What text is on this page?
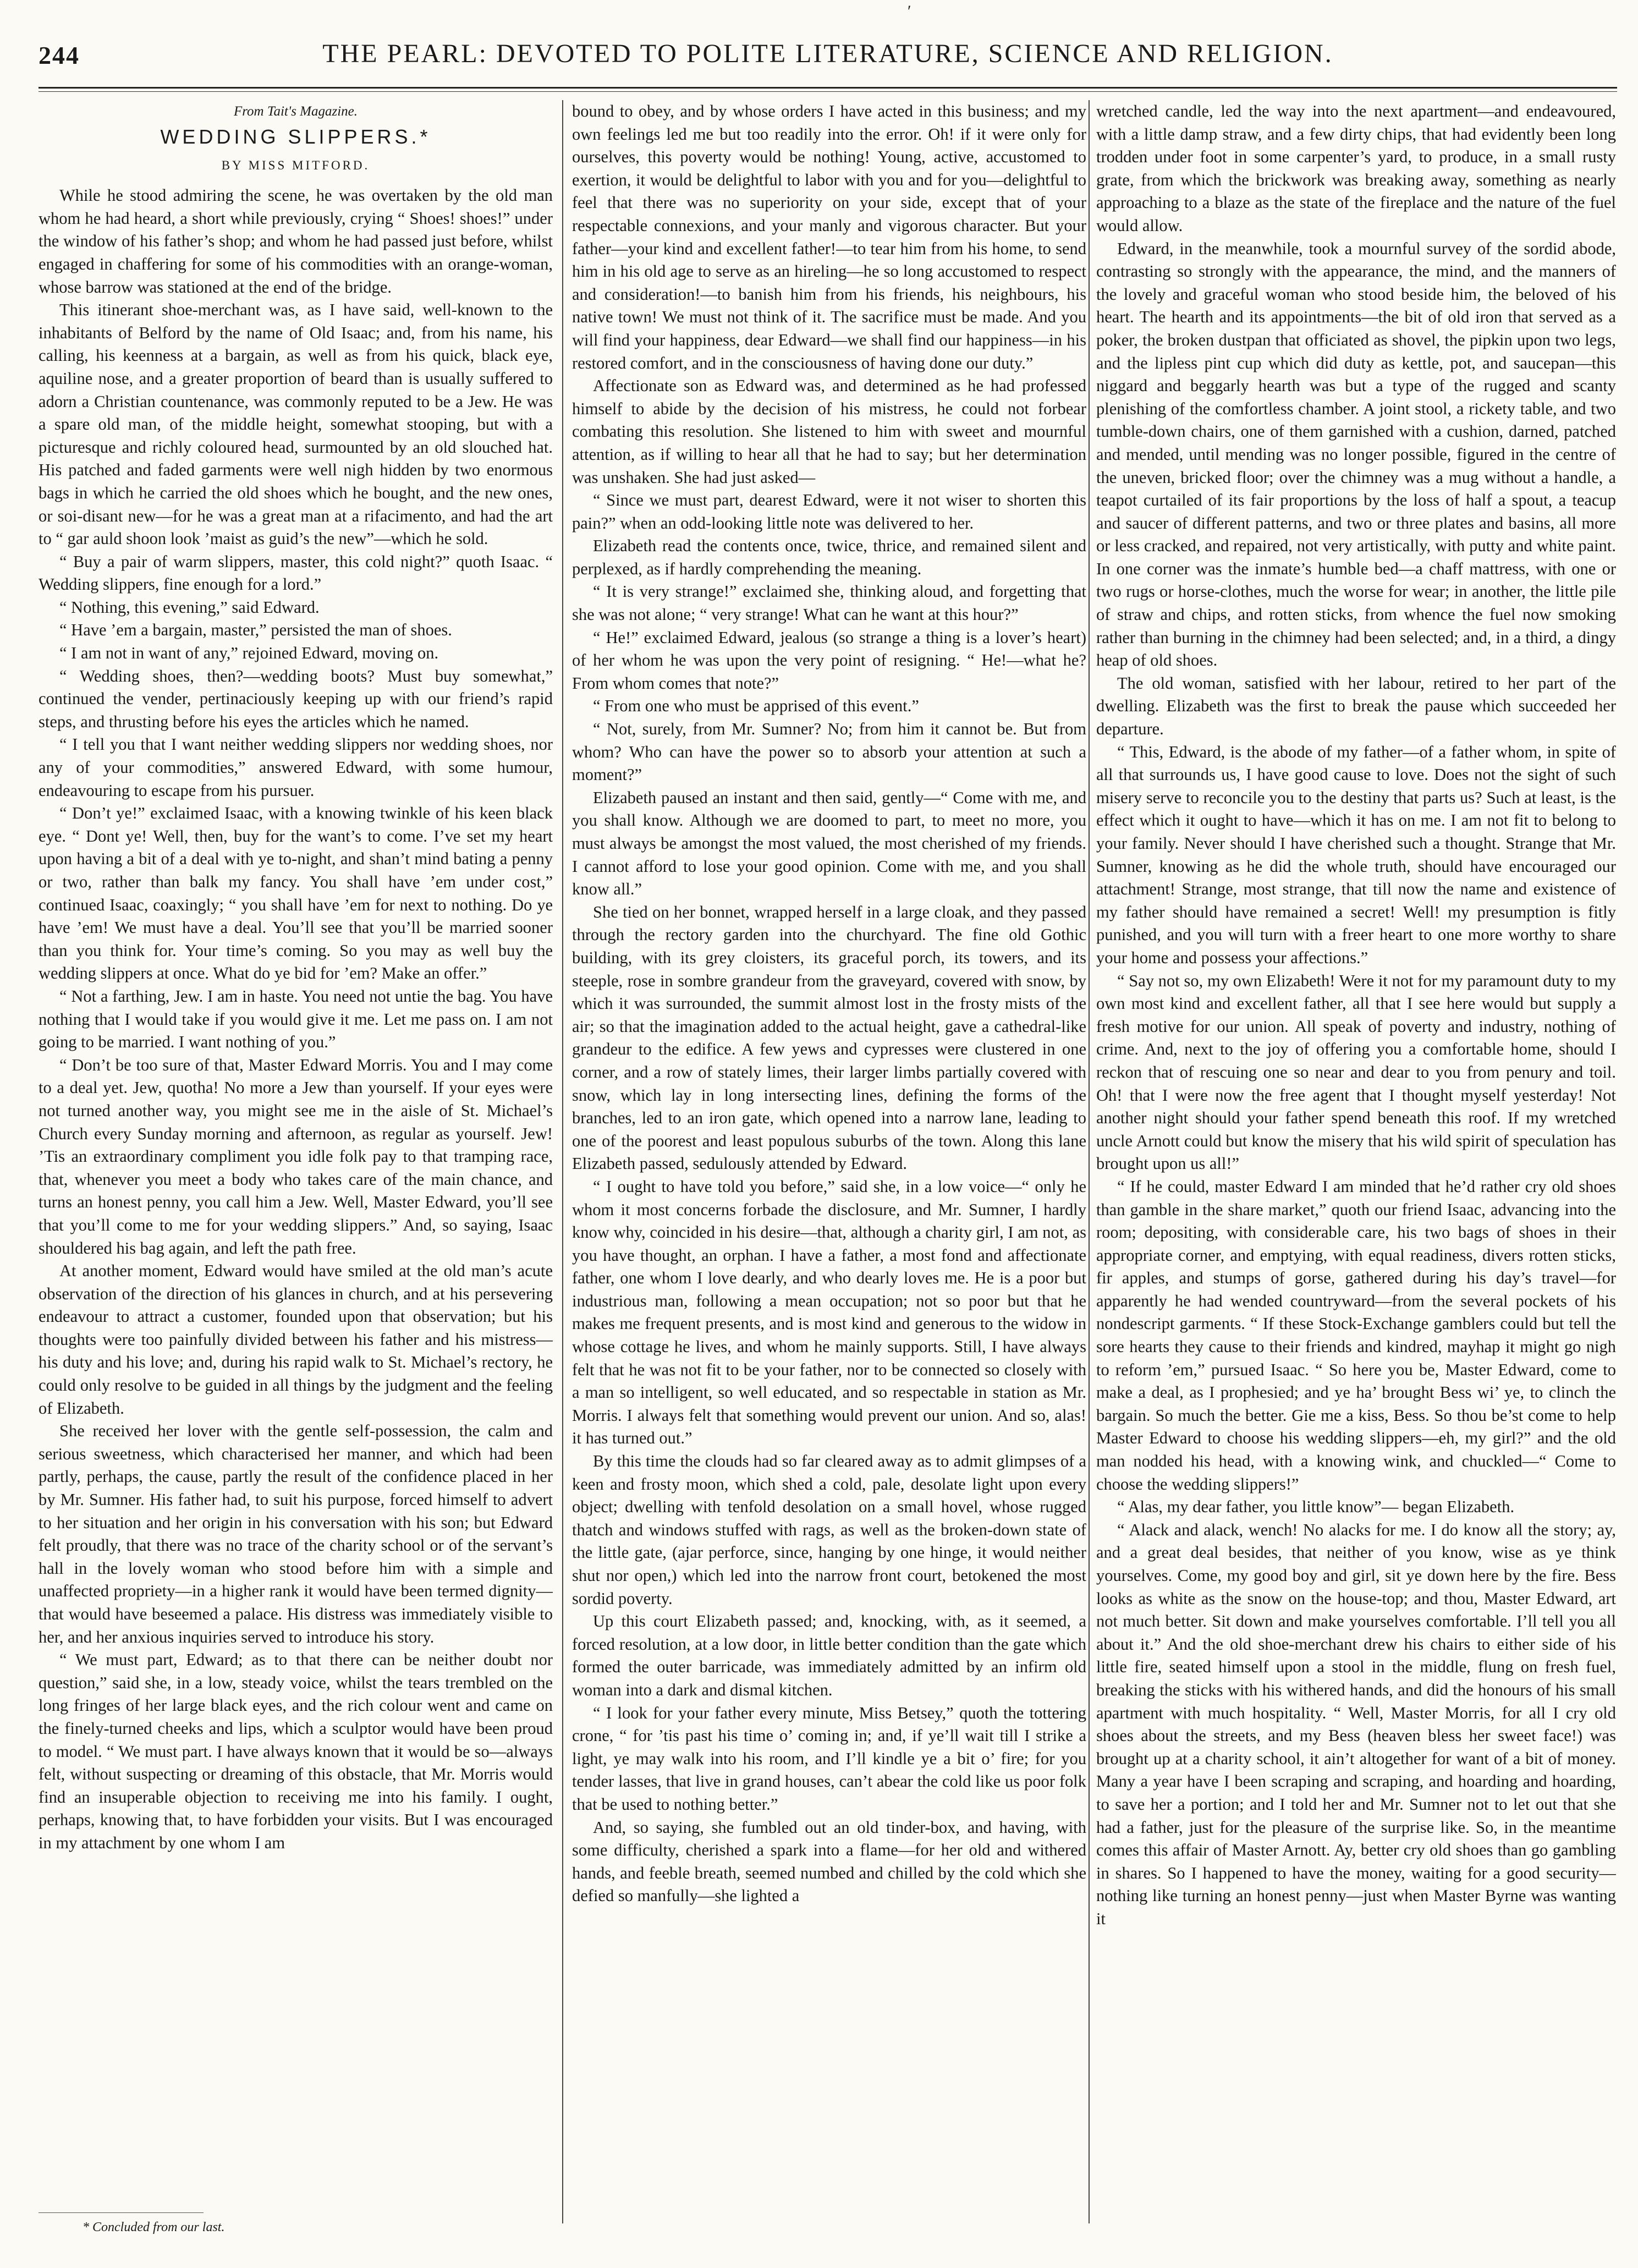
′
244	THE PEARL: DEVOTED TO POLITE LITERATURE, SCIENCE AND RELIGION.
From Tait's Magazine.
WEDDING SLIPPERS.*
BY MISS MITFORD.

While he stood admiring the scene, he was overtaken by the old man whom he had heard, a short while previously, crying “ Shoes! shoes!” under the window of his father’s shop; and whom he had passed just before, whilst engaged in chaffering for some of his commodities with an orange-woman, whose barrow was stationed at the end of the bridge.

This itinerant shoe-merchant was, as I have said, well-known to the inhabitants of Belford by the name of Old Isaac; and, from his name, his calling, his keenness at a bargain, as well as from his quick, black eye, aquiline nose, and a greater proportion of beard than is usually suffered to adorn a Christian countenance, was commonly reputed to be a Jew. He was a spare old man, of the middle height, somewhat stooping, but with a picturesque and richly coloured head, surmounted by an old slouched hat. His patched and faded garments were well nigh hidden by two enormous bags in which he carried the old shoes which he bought, and the new ones, or soi-disant new—for he was a great man at a rifacimento, and had the art to “ gar auld shoon look ’maist as guid’s the new”—which he sold.

“ Buy a pair of warm slippers, master, this cold night?” quoth Isaac. “ Wedding slippers, fine enough for a lord.”

“ Nothing, this evening,” said Edward.

“ Have ’em a bargain, master,” persisted the man of shoes.

“ I am not in want of any,” rejoined Edward, moving on.

“ Wedding shoes, then?—wedding boots? Must buy somewhat,” continued the vender, pertinaciously keeping up with our friend’s rapid steps, and thrusting before his eyes the articles which he named.

“ I tell you that I want neither wedding slippers nor wedding shoes, nor any of your commodities,” answered Edward, with some humour, endeavouring to escape from his pursuer.

“ Don’t ye!” exclaimed Isaac, with a knowing twinkle of his keen black eye. “ Dont ye! Well, then, buy for the want’s to come. I’ve set my heart upon having a bit of a deal with ye to-night, and shan’t mind bating a penny or two, rather than balk my fancy. You shall have ’em under cost,” continued Isaac, coaxingly; “ you shall have ’em for next to nothing. Do ye have ’em! We must have a deal. You’ll see that you’ll be married sooner than you think for. Your time’s coming. So you may as well buy the wedding slippers at once. What do ye bid for ’em? Make an offer.”

“ Not a farthing, Jew. I am in haste. You need not untie the bag. You have nothing that I would take if you would give it me. Let me pass on. I am not going to be married. I want nothing of you.”

“ Don’t be too sure of that, Master Edward Morris. You and I may come to a deal yet. Jew, quotha! No more a Jew than yourself. If your eyes were not turned another way, you might see me in the aisle of St. Michael’s Church every Sunday morning and afternoon, as regular as yourself. Jew! ’Tis an extraordinary compliment you idle folk pay to that tramping race, that, whenever you meet a body who takes care of the main chance, and turns an honest penny, you call him a Jew. Well, Master Edward, you’ll see that you’ll come to me for your wedding slippers.” And, so saying, Isaac shouldered his bag again, and left the path free.

At another moment, Edward would have smiled at the old man’s acute observation of the direction of his glances in church, and at his persevering endeavour to attract a customer, founded upon that observation; but his thoughts were too painfully divided between his father and his mistress—his duty and his love; and, during his rapid walk to St. Michael’s rectory, he could only resolve to be guided in all things by the judgment and the feeling of Elizabeth.

She received her lover with the gentle self-possession, the calm and serious sweetness, which characterised her manner, and which had been partly, perhaps, the cause, partly the result of the confidence placed in her by Mr. Sumner. His father had, to suit his purpose, forced himself to advert to her situation and her origin in his conversation with his son; but Edward felt proudly, that there was no trace of the charity school or of the servant’s hall in the lovely woman who stood before him with a simple and unaffected propriety—in a higher rank it would have been termed dignity—that would have beseemed a palace. His distress was immediately visible to her, and her anxious inquiries served to introduce his story.

“ We must part, Edward; as to that there can be neither doubt nor question,” said she, in a low, steady voice, whilst the tears trembled on the long fringes of her large black eyes, and the rich colour went and came on the finely-turned cheeks and lips, which a sculptor would have been proud to model. “ We must part. I have always known that it would be so—always felt, without suspecting or dreaming of this obstacle, that Mr. Morris would find an insuperable objection to receiving me into his family. I ought, perhaps, knowing that, to have forbidden your visits. But I was encouraged in my attachment by one whom I am

bound to obey, and by whose orders I have acted in this business; and my own feelings led me but too readily into the error. Oh! if it were only for ourselves, this poverty would be nothing! Young, active, accustomed to exertion, it would be delightful to labor with you and for you—delightful to feel that there was no superiority on your side, except that of your respectable connexions, and your manly and vigorous character. But your father—your kind and excellent father!—to tear him from his home, to send him in his old age to serve as an hireling—he so long accustomed to respect and consideration!—to banish him from his friends, his neighbours, his native town! We must not think of it. The sacrifice must be made. And you will find your happiness, dear Edward—we shall find our happiness—in his restored comfort, and in the consciousness of having done our duty.”

Affectionate son as Edward was, and determined as he had professed himself to abide by the decision of his mistress, he could not forbear combating this resolution. She listened to him with sweet and mournful attention, as if willing to hear all that he had to say; but her determination was unshaken. She had just asked—

“ Since we must part, dearest Edward, were it not wiser to shorten this pain?” when an odd-looking little note was delivered to her.

Elizabeth read the contents once, twice, thrice, and remained silent and perplexed, as if hardly comprehending the meaning.

“ It is very strange!” exclaimed she, thinking aloud, and forgetting that she was not alone; “ very strange! What can he want at this hour?”

“ He!” exclaimed Edward, jealous (so strange a thing is a lover’s heart) of her whom he was upon the very point of resigning. “ He!—what he? From whom comes that note?”

“ From one who must be apprised of this event.”

“ Not, surely, from Mr. Sumner? No; from him it cannot be. But from whom? Who can have the power so to absorb your attention at such a moment?”

Elizabeth paused an instant and then said, gently—“ Come with me, and you shall know. Although we are doomed to part, to meet no more, you must always be amongst the most valued, the most cherished of my friends. I cannot afford to lose your good opinion. Come with me, and you shall know all.”

She tied on her bonnet, wrapped herself in a large cloak, and they passed through the rectory garden into the churchyard. The fine old Gothic building, with its grey cloisters, its graceful porch, its towers, and its steeple, rose in sombre grandeur from the graveyard, covered with snow, by which it was surrounded, the summit almost lost in the frosty mists of the air; so that the imagination added to the actual height, gave a cathedral-like grandeur to the edifice. A few yews and cypresses were clustered in one corner, and a row of stately limes, their larger limbs partially covered with snow, which lay in long intersecting lines, defining the forms of the branches, led to an iron gate, which opened into a narrow lane, leading to one of the poorest and least populous suburbs of the town. Along this lane Elizabeth passed, sedulously attended by Edward.

“ I ought to have told you before,” said she, in a low voice—“ only he whom it most concerns forbade the disclosure, and Mr. Sumner, I hardly know why, coincided in his desire—that, although a charity girl, I am not, as you have thought, an orphan. I have a father, a most fond and affectionate father, one whom I love dearly, and who dearly loves me. He is a poor but industrious man, following a mean occupation; not so poor but that he makes me frequent presents, and is most kind and generous to the widow in whose cottage he lives, and whom he mainly supports. Still, I have always felt that he was not fit to be your father, nor to be connected so closely with a man so intelligent, so well educated, and so respectable in station as Mr. Morris. I always felt that something would prevent our union. And so, alas! it has turned out.”

By this time the clouds had so far cleared away as to admit glimpses of a keen and frosty moon, which shed a cold, pale, desolate light upon every object; dwelling with tenfold desolation on a small hovel, whose rugged thatch and windows stuffed with rags, as well as the broken-down state of the little gate, (ajar perforce, since, hanging by one hinge, it would neither shut nor open,) which led into the narrow front court, betokened the most sordid poverty.

Up this court Elizabeth passed; and, knocking, with, as it seemed, a forced resolution, at a low door, in little better condition than the gate which formed the outer barricade, was immediately admitted by an infirm old woman into a dark and dismal kitchen.

“ I look for your father every minute, Miss Betsey,” quoth the tottering crone, “ for ’tis past his time o’ coming in; and, if ye’ll wait till I strike a light, ye may walk into his room, and I’ll kindle ye a bit o’ fire; for you tender lasses, that live in grand houses, can’t abear the cold like us poor folk that be used to nothing better.”

And, so saying, she fumbled out an old tinder-box, and having, with some difficulty, cherished a spark into a flame—for her old and withered hands, and feeble breath, seemed numbed and chilled by the cold which she defied so manfully—she lighted a

wretched candle, led the way into the next apartment—and endeavoured, with a little damp straw, and a few dirty chips, that had evidently been long trodden under foot in some carpenter’s yard, to produce, in a small rusty grate, from which the brickwork was breaking away, something as nearly approaching to a blaze as the state of the fireplace and the nature of the fuel would allow.

Edward, in the meanwhile, took a mournful survey of the sordid abode, contrasting so strongly with the appearance, the mind, and the manners of the lovely and graceful woman who stood beside him, the beloved of his heart. The hearth and its appointments—the bit of old iron that served as a poker, the broken dustpan that officiated as shovel, the pipkin upon two legs, and the lipless pint cup which did duty as kettle, pot, and saucepan—this niggard and beggarly hearth was but a type of the rugged and scanty plenishing of the comfortless chamber. A joint stool, a rickety table, and two tumble-down chairs, one of them garnished with a cushion, darned, patched and mended, until mending was no longer possible, figured in the centre of the uneven, bricked floor; over the chimney was a mug without a handle, a teapot curtailed of its fair proportions by the loss of half a spout, a teacup and saucer of different patterns, and two or three plates and basins, all more or less cracked, and repaired, not very artistically, with putty and white paint. In one corner was the inmate’s humble bed—a chaff mattress, with one or two rugs or horse-clothes, much the worse for wear; in another, the little pile of straw and chips, and rotten sticks, from whence the fuel now smoking rather than burning in the chimney had been selected; and, in a third, a dingy heap of old shoes.

The old woman, satisfied with her labour, retired to her part of the dwelling. Elizabeth was the first to break the pause which succeeded her departure.

“ This, Edward, is the abode of my father—of a father whom, in spite of all that surrounds us, I have good cause to love. Does not the sight of such misery serve to reconcile you to the destiny that parts us? Such at least, is the effect which it ought to have—which it has on me. I am not fit to belong to your family. Never should I have cherished such a thought. Strange that Mr. Sumner, knowing as he did the whole truth, should have encouraged our attachment! Strange, most strange, that till now the name and existence of my father should have remained a secret! Well! my presumption is fitly punished, and you will turn with a freer heart to one more worthy to share your home and possess your affections.”

“ Say not so, my own Elizabeth! Were it not for my paramount duty to my own most kind and excellent father, all that I see here would but supply a fresh motive for our union. All speak of poverty and industry, nothing of crime. And, next to the joy of offering you a comfortable home, should I reckon that of rescuing one so near and dear to you from penury and toil. Oh! that I were now the free agent that I thought myself yesterday! Not another night should your father spend beneath this roof. If my wretched uncle Arnott could but know the misery that his wild spirit of speculation has brought upon us all!”

“ If he could, master Edward I am minded that he’d rather cry old shoes than gamble in the share market,” quoth our friend Isaac, advancing into the room; depositing, with considerable care, his two bags of shoes in their appropriate corner, and emptying, with equal readiness, divers rotten sticks, fir apples, and stumps of gorse, gathered during his day’s travel—for apparently he had wended countryward—from the several pockets of his nondescript garments. “ If these Stock-Exchange gamblers could but tell the sore hearts they cause to their friends and kindred, mayhap it might go nigh to reform ’em,” pursued Isaac. “ So here you be, Master Edward, come to make a deal, as I prophesied; and ye ha’ brought Bess wi’ ye, to clinch the bargain. So much the better. Gie me a kiss, Bess. So thou be’st come to help Master Edward to choose his wedding slippers—eh, my girl?” and the old man nodded his head, with a knowing wink, and chuckled—“ Come to choose the wedding slippers!”

“ Alas, my dear father, you little know”— began Elizabeth.

“ Alack and alack, wench! No alacks for me. I do know all the story; ay, and a great deal besides, that neither of you know, wise as ye think yourselves. Come, my good boy and girl, sit ye down here by the fire. Bess looks as white as the snow on the house-top; and thou, Master Edward, art not much better. Sit down and make yourselves comfortable. I’ll tell you all about it.” And the old shoe-merchant drew his chairs to either side of his little fire, seated himself upon a stool in the middle, flung on fresh fuel, breaking the sticks with his withered hands, and did the honours of his small apartment with much hospitality. “ Well, Master Morris, for all I cry old shoes about the streets, and my Bess (heaven bless her sweet face!) was brought up at a charity school, it ain’t altogether for want of a bit of money. Many a year have I been scraping and scraping, and hoarding and hoarding, to save her a portion; and I told her and Mr. Sumner not to let out that she had a father, just for the pleasure of the surprise like. So, in the meantime comes this affair of Master Arnott. Ay, better cry old shoes than go gambling in shares. So I happened to have the money, waiting for a good security—nothing like turning an honest penny—just when Master Byrne was wanting it

* Concluded from our last.
